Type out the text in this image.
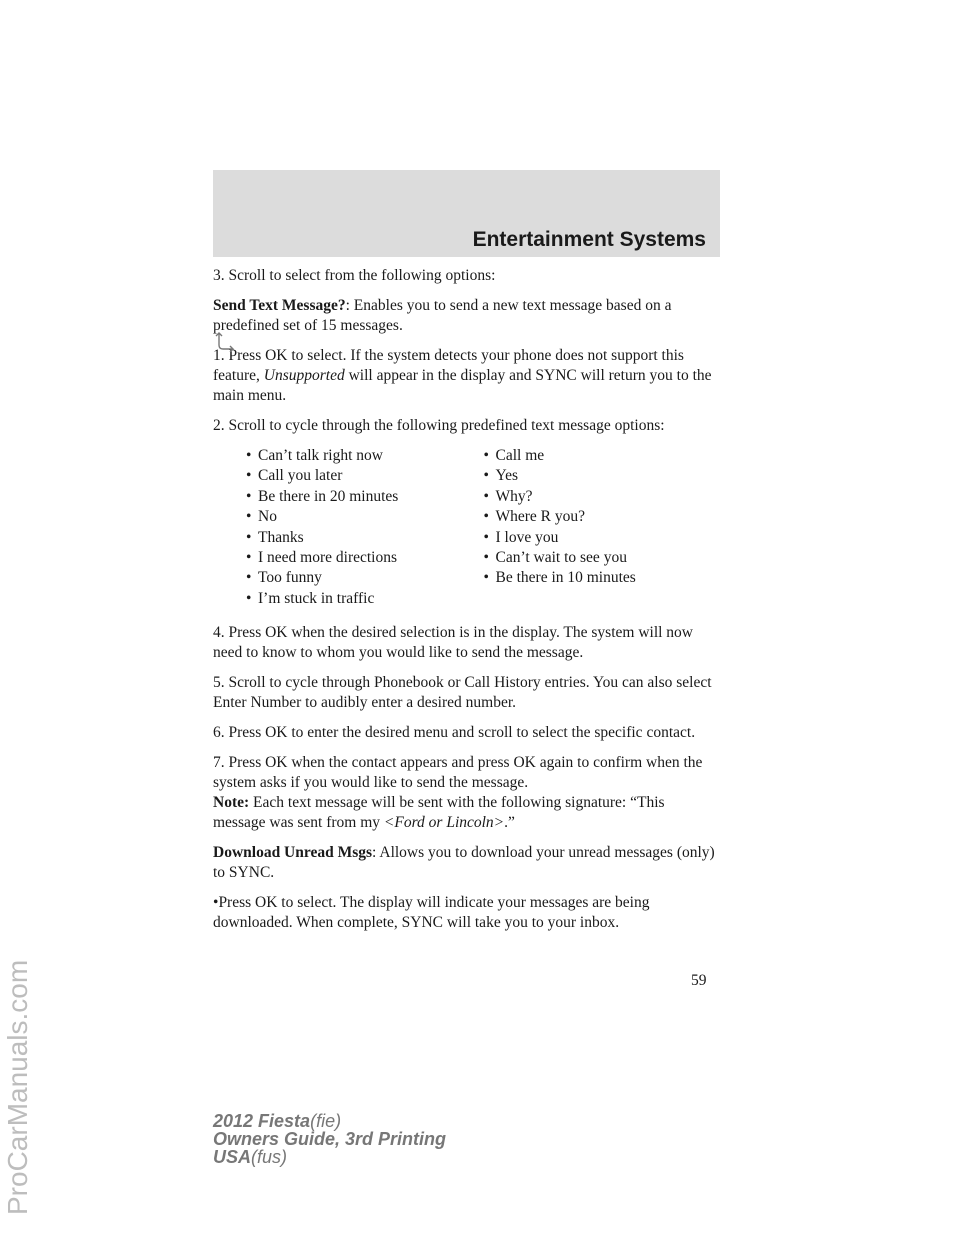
Entertainment Systems
ProCarManuals.com

3. Scroll to select from the following options:

Send Text Message?: Enables you to send a new text message based on a predefined set of 15 messages.

1. Press OK to select. If the system detects your phone does not support this feature, Unsupported will appear in the display and SYNC will return you to the main menu.

2. Scroll to cycle through the following predefined text message options:

• Can’t talk right now

• Call you later

• Be there in 20 minutes

• No

• Thanks

• I need more directions

• Too funny

• I’m stuck in traffic

• Call me

• Yes

• Why?

• Where R you?

• I love you

• Can’t wait to see you

• Be there in 10 minutes

4. Press OK when the desired selection is in the display. The system will now need to know to whom you would like to send the message.

5. Scroll to cycle through Phonebook or Call History entries. You can also select Enter Number to audibly enter a desired number.

6. Press OK to enter the desired menu and scroll to select the specific contact.

7. Press OK when the contact appears and press OK again to confirm when the system asks if you would like to send the message.

Note: Each text message will be sent with the following signature: “This message was sent from my <Ford or Lincoln>.”

Download Unread Msgs: Allows you to download your unread messages (only) to SYNC.

•Press OK to select. The display will indicate your messages are being downloaded. When complete, SYNC will take you to your inbox.

59
2012 Fiesta(fie)
Owners Guide, 3rd Printing
USA(fus)
